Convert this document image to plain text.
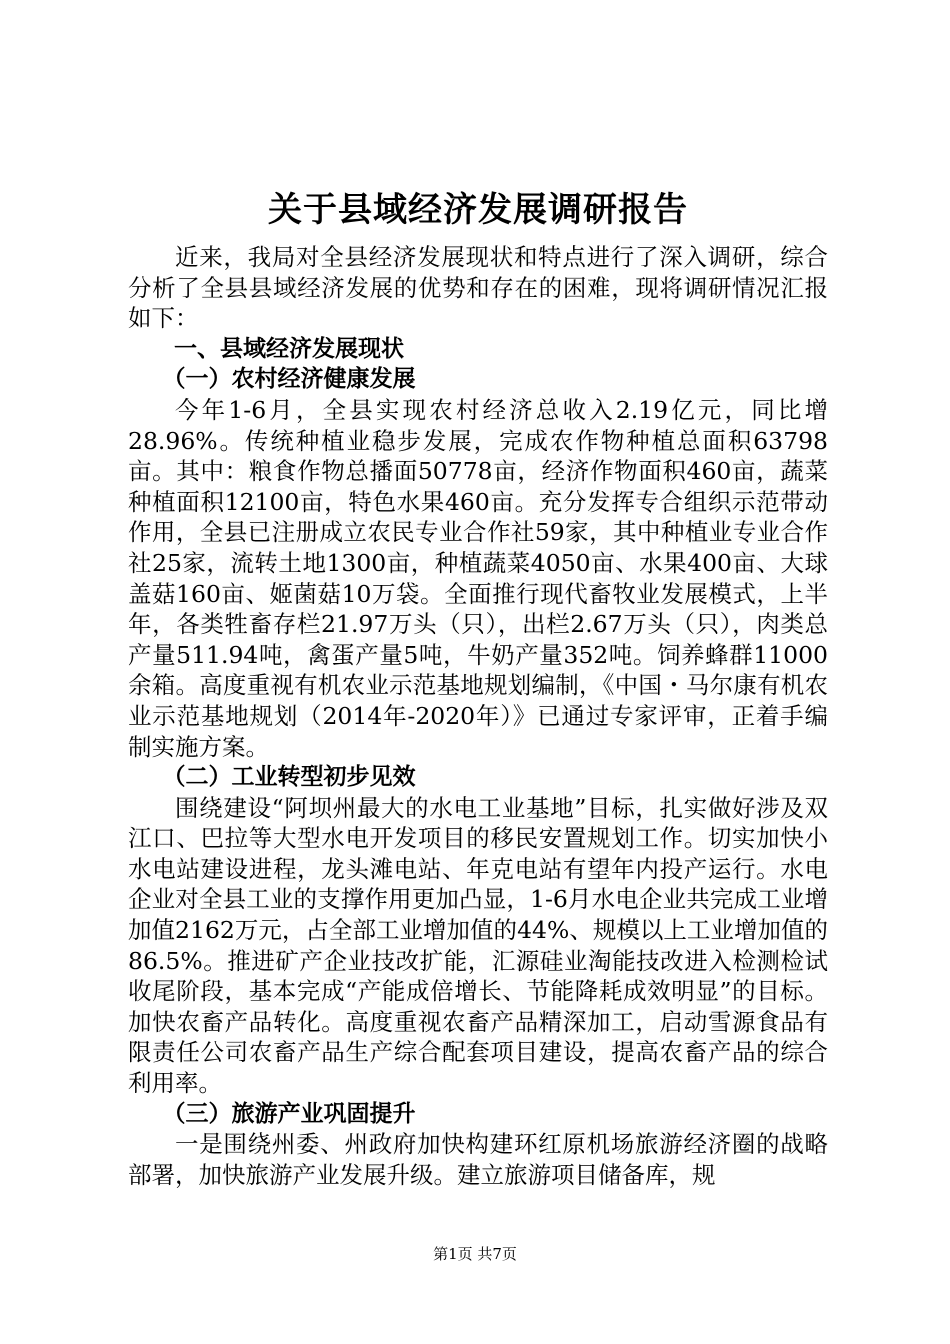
关于县域经济发展调研报告

近来，我局对全县经济发展现状和特点进行了深入调研，综合分析了全县县域经济发展的优势和存在的困难，现将调研情况汇报如下：

一、县域经济发展现状
（一）农村经济健康发展

今年1-6月，全县实现农村经济总收入2.19亿元，同比增28.96%。传统种植业稳步发展，完成农作物种植总面积63798亩。其中：粮食作物总播面50778亩，经济作物面积460亩，蔬菜种植面积12100亩，特色水果460亩。充分发挥专合组织示范带动作用，全县已注册成立农民专业合作社59家，其中种植业专业合作社25家，流转土地1300亩，种植蔬菜4050亩、水果400亩、大球盖菇160亩、姬菌菇10万袋。全面推行现代畜牧业发展模式，上半年，各类牲畜存栏21.97万头（只），出栏2.67万头（只），肉类总产量511.94吨，禽蛋产量5吨，牛奶产量352吨。饲养蜂群11000余箱。高度重视有机农业示范基地规划编制，《中国・马尔康有机农业示范基地规划（2014年-2020年）》已通过专家评审，正着手编制实施方案。

（二）工业转型初步见效

围绕建设“阿坝州最大的水电工业基地”目标，扎实做好涉及双江口、巴拉等大型水电开发项目的移民安置规划工作。切实加快小水电站建设进程，龙头滩电站、年克电站有望年内投产运行。水电企业对全县工业的支撑作用更加凸显，1-6月水电企业共完成工业增加值2162万元，占全部工业增加值的44%、规模以上工业增加值的86.5%。推进矿产企业技改扩能，汇源硅业淘能技改进入检测检试收尾阶段，基本完成“产能成倍增长、节能降耗成效明显”的目标。加快农畜产品转化。高度重视农畜产品精深加工，启动雪源食品有限责任公司农畜产品生产综合配套项目建设，提高农畜产品的综合利用率。

（三）旅游产业巩固提升

一是围绕州委、州政府加快构建环红原机场旅游经济圈的战略部署，加快旅游产业发展升级。建立旅游项目储备库，规

第1页 共7页
